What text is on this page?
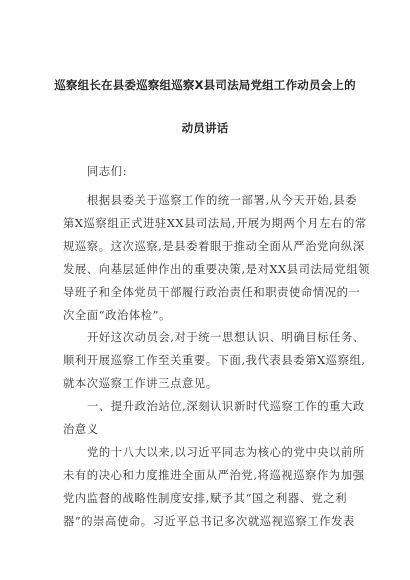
巡察组长在县委巡察组巡察X县司法局党组工作动员会上的
动员讲话
同志们:
根据县委关于巡察工作的统一部署,从今天开始,县委
第X巡察组正式进驻XX县司法局,开展为期两个月左右的常
规巡察。这次巡察,是县委着眼于推动全面从严治党向纵深
发展、向基层延伸作出的重要决策,是对XX县司法局党组领
导班子和全体党员干部履行政治责任和职责使命情况的一
次全面“政治体检”。
开好这次动员会,对于统一思想认识、明确目标任务、
顺利开展巡察工作至关重要。下面,我代表县委第X巡察组,
就本次巡察工作讲三点意见。
一、提升政治站位,深刻认识新时代巡察工作的重大政
治意义
党的十八大以来,以习近平同志为核心的党中央以前所
未有的决心和力度推进全面从严治党,将巡视巡察作为加强
党内监督的战略性制度安排,赋予其“国之利器、党之利
器”的崇高使命。习近平总书记多次就巡视巡察工作发表
